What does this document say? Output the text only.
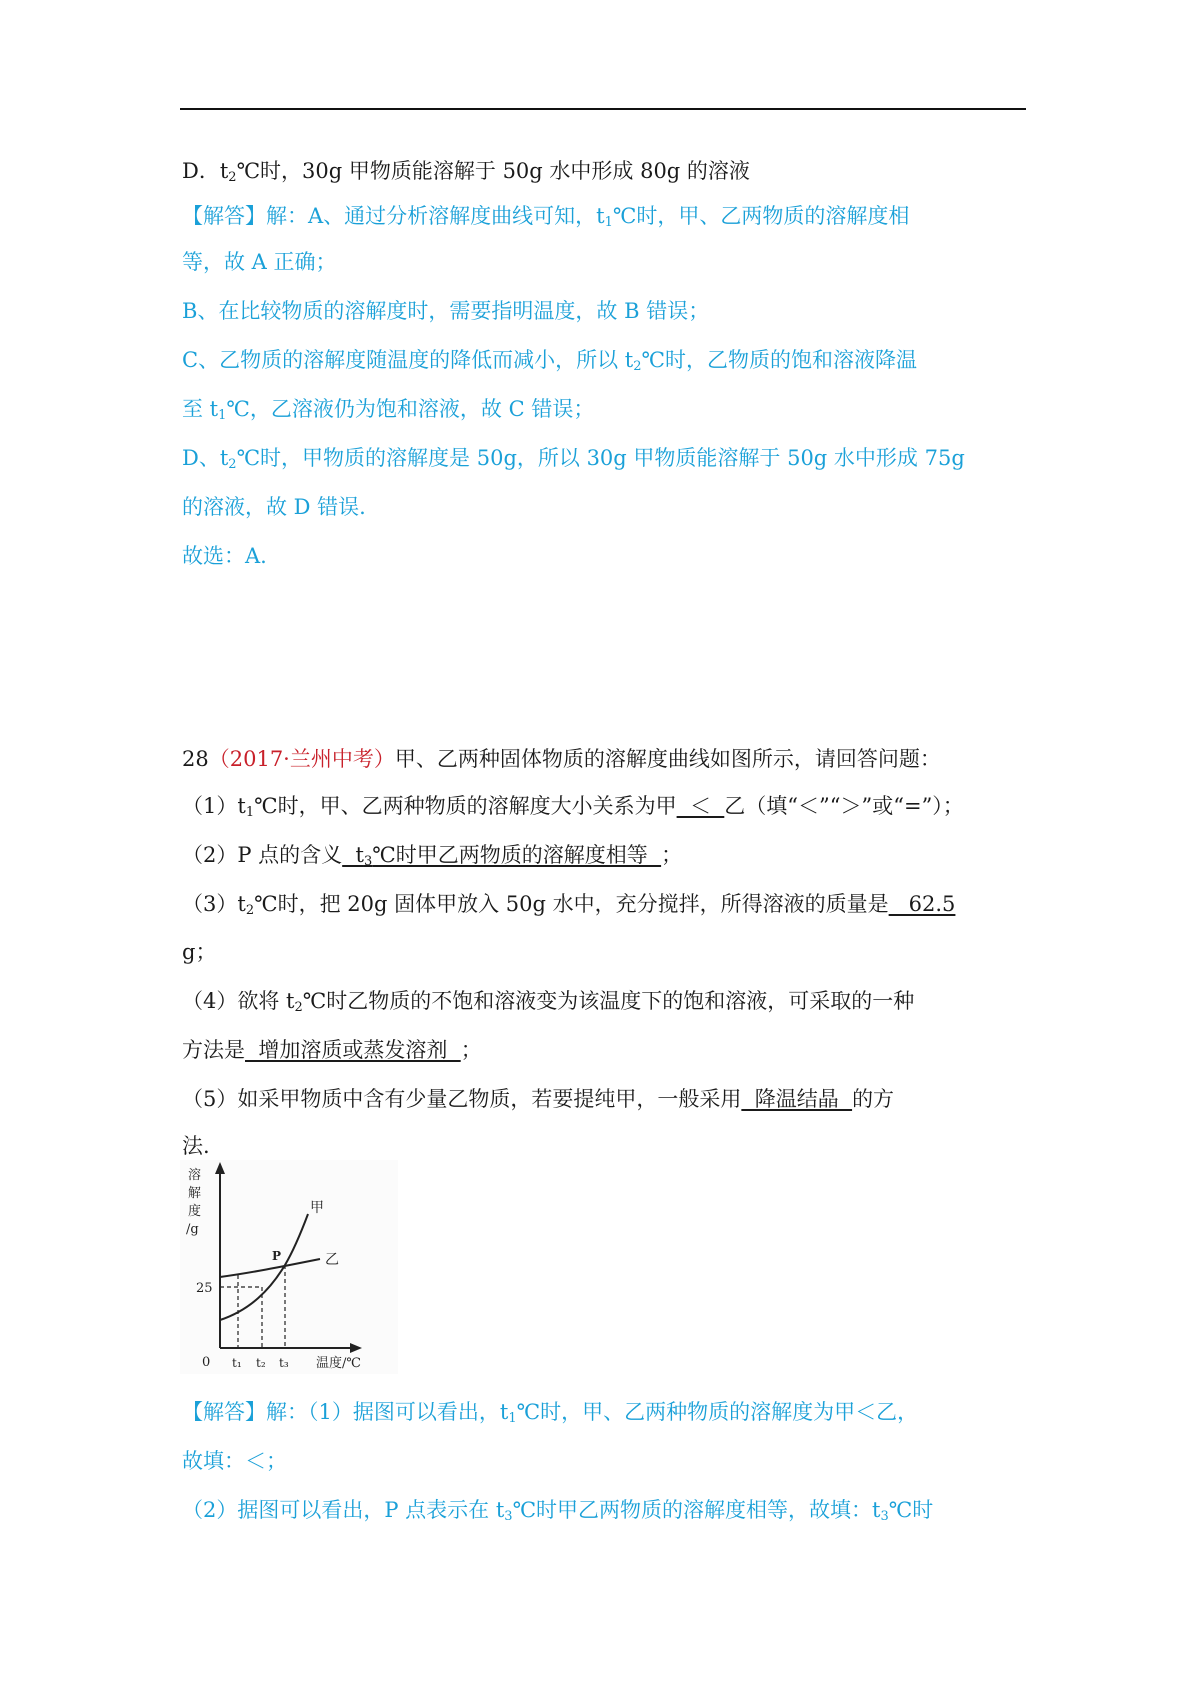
D．$t_2℃$时，30g 甲物质能溶解于 50g 水中形成 80g 的溶液
【解答】解：A、通过分析溶解度曲线可知，$t_1℃$时，甲、乙两物质的溶解度相
等，故 A 正确；
B、在比较物质的溶解度时，需要指明温度，故 B 错误；
C、乙物质的溶解度随温度的降低而减小，所以 $t_2℃$时，乙物质的饱和溶液降温
至 $t_1℃$，乙溶液仍为饱和溶液，故 C 错误；
D、$t_2℃$时，甲物质的溶解度是 50g，所以 30g 甲物质能溶解于 50g 水中形成 75g
的溶液，故 D 错误.
故选：A.
28（2017·兰州中考）甲、乙两种固体物质的溶解度曲线如图所示，请回答问题：
$(1)t_1℃$时，甲、乙两种物质的溶解度大小关系为甲  ＜  乙（填“＜”“＞”或“=”）；
（2）P 点的含义  $t_3℃$时甲乙两物质的溶解度相等  ；
$(3)t_2℃$时，把 20g 固体甲放入 50g 水中，充分搅拌，所得溶液的质量是   62.5
g；
（4）欲将 $t_2℃$时乙物质的不饱和溶液变为该温度下的饱和溶液，可采取的一种
方法是  增加溶质或蒸发溶剂  ；
（5）如采甲物质中含有少量乙物质，若要提纯甲，一般采用  降温结晶  的方
法.
溶
解
度
/g
甲
乙
P
25
0 t₁ t₂ t₃ 温度/℃
【解答】解：（1）据图可以看出，$t_1℃$时，甲、乙两种物质的溶解度为甲＜乙，
故填：＜；
（2）据图可以看出，P 点表示在 $t_3℃$时甲乙两物质的溶解度相等，故填：$t_3℃$时
